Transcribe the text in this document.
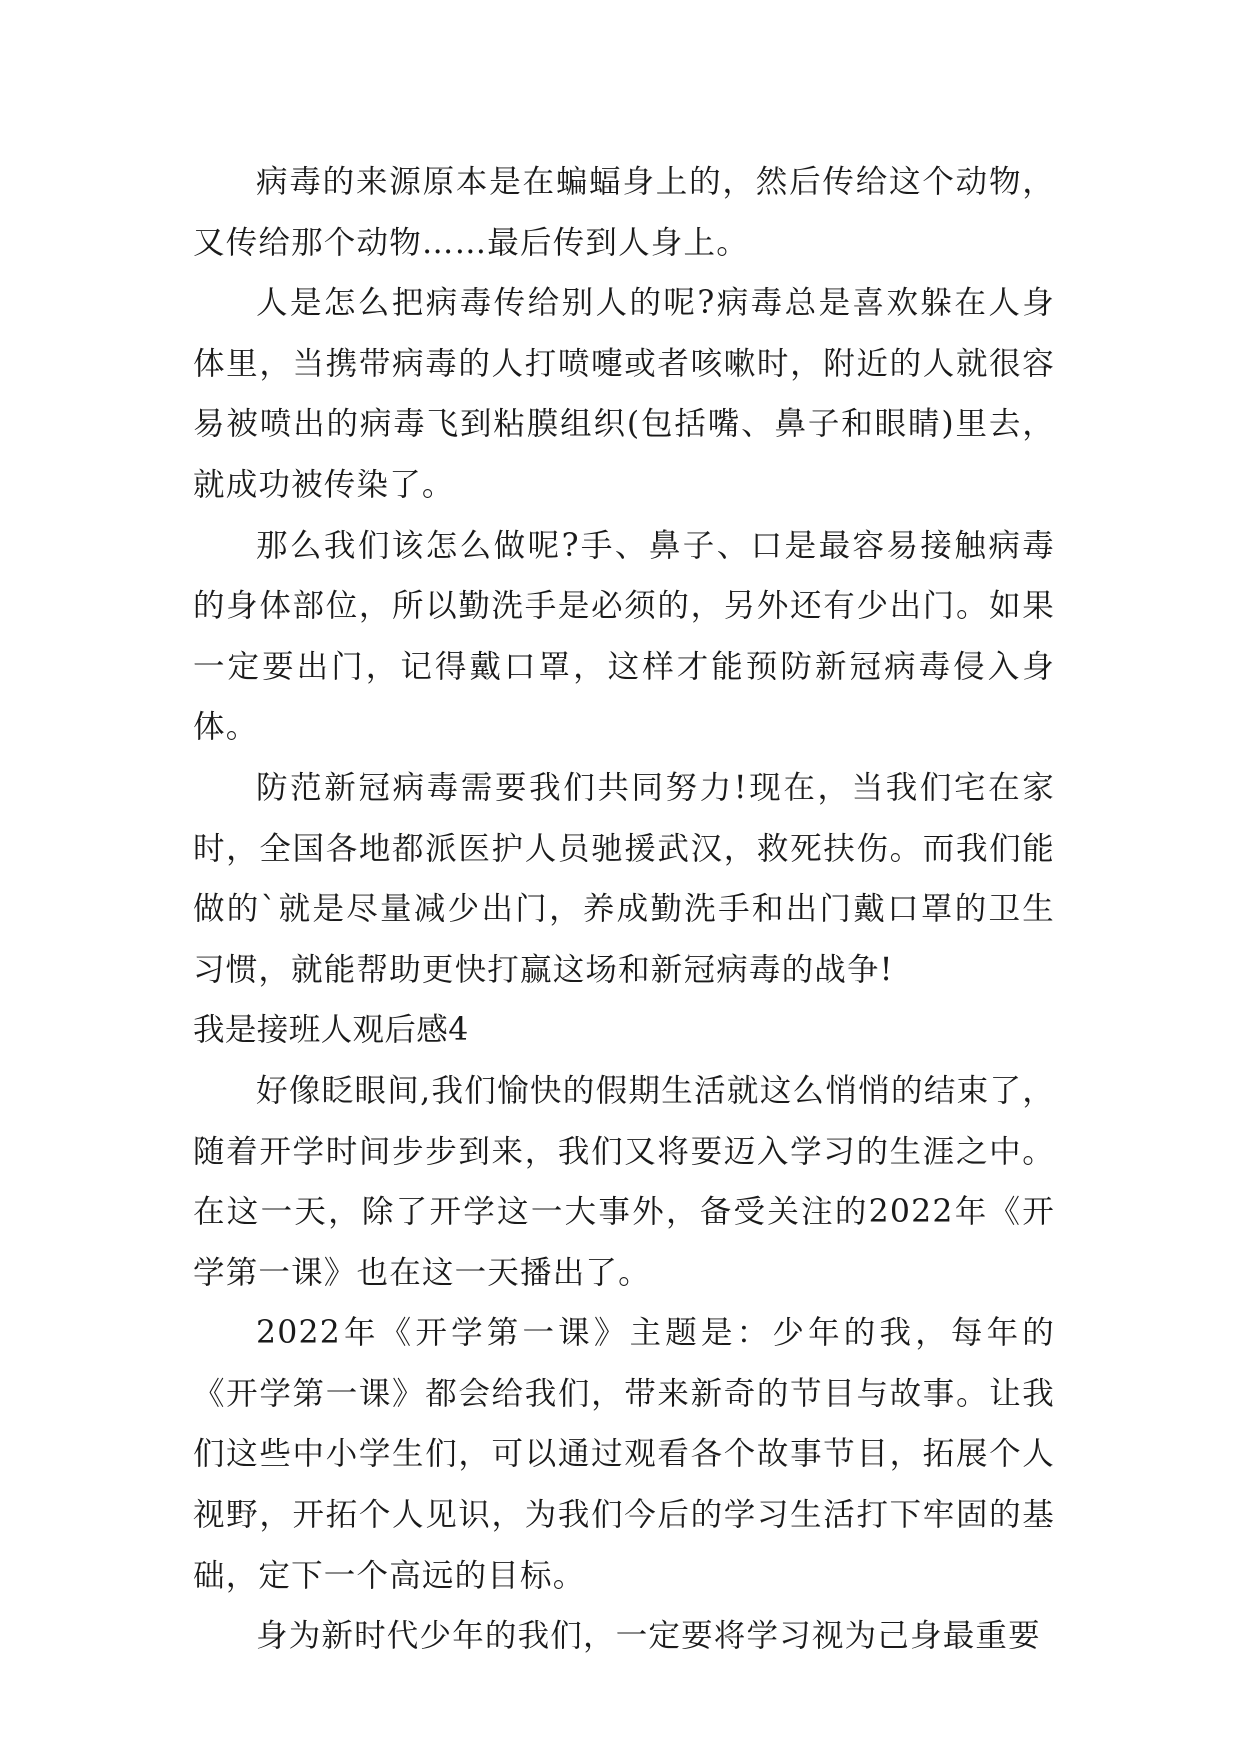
病毒的来源原本是在蝙蝠身上的，然后传给这个动物，又传给那个动物……最后传到人身上。

人是怎么把病毒传给别人的呢?病毒总是喜欢躲在人身体里，当携带病毒的人打喷嚏或者咳嗽时，附近的人就很容易被喷出的病毒飞到粘膜组织(包括嘴、鼻子和眼睛)里去，就成功被传染了。

那么我们该怎么做呢?手、鼻子、口是最容易接触病毒的身体部位，所以勤洗手是必须的，另外还有少出门。如果一定要出门，记得戴口罩，这样才能预防新冠病毒侵入身体。

防范新冠病毒需要我们共同努力!现在，当我们宅在家时，全国各地都派医护人员驰援武汉，救死扶伤。而我们能做的`就是尽量减少出门，养成勤洗手和出门戴口罩的卫生习惯，就能帮助更快打赢这场和新冠病毒的战争!

我是接班人观后感4

好像眨眼间,我们愉快的假期生活就这么悄悄的结束了，随着开学时间步步到来，我们又将要迈入学习的生涯之中。在这一天，除了开学这一大事外，备受关注的2022年《开学第一课》也在这一天播出了。

2022年《开学第一课》主题是：少年的我，每年的《开学第一课》都会给我们，带来新奇的节目与故事。让我们这些中小学生们，可以通过观看各个故事节目，拓展个人视野，开拓个人见识，为我们今后的学习生活打下牢固的基础，定下一个高远的目标。

身为新时代少年的我们，一定要将学习视为己身最重要
